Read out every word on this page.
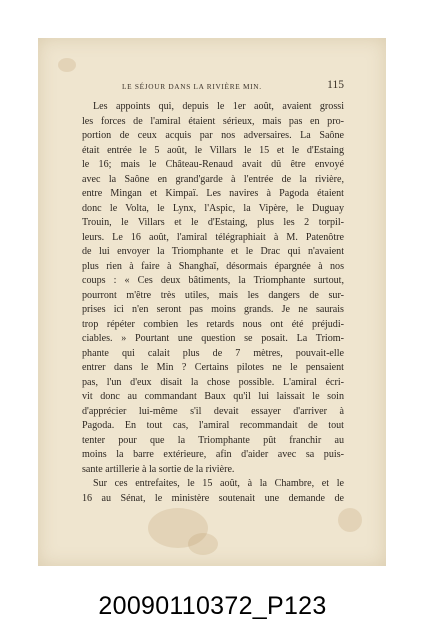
LE SÉJOUR DANS LA RIVIÈRE MIN.	115
Les appoints qui, depuis le 1er août, avaient grossi
les forces de l'amiral étaient sérieux, mais pas en pro-
portion de ceux acquis par nos adversaires. La Saône
était entrée le 5 août, le Villars le 15 et le d'Estaing
le 16; mais le Château-Renaud avait dû être envoyé
avec la Saône en grand'garde à l'entrée de la rivière,
entre Mingan et Kimpaï. Les navires à Pagoda étaient
donc le Volta, le Lynx, l'Aspic, la Vipère, le Duguay
Trouin, le Villars et le d'Estaing, plus les 2 torpil-
leurs. Le 16 août, l'amiral télégraphiait à M. Patenôtre
de lui envoyer la Triomphante et le Drac qui n'avaient
plus rien à faire à Shanghaï, désormais épargnée à nos
coups : « Ces deux bâtiments, la Triomphante surtout,
pourront m'être très utiles, mais les dangers de sur-
prises ici n'en seront pas moins grands. Je ne saurais
trop répéter combien les retards nous ont été préjudi-
ciables. » Pourtant une question se posait. La Triom-
phante qui calait plus de 7 mètres, pouvait-elle
entrer dans le Min ? Certains pilotes ne le pensaient
pas, l'un d'eux disait la chose possible. L'amiral écri-
vit donc au commandant Baux qu'il lui laissait le soin
d'apprécier lui-même s'il devait essayer d'arriver à
Pagoda. En tout cas, l'amiral recommandait de tout
tenter pour que la Triomphante pût franchir au
moins la barre extérieure, afin d'aider avec sa puis-
sante artillerie à la sortie de la rivière.
Sur ces entrefaites, le 15 août, à la Chambre, et le
16 au Sénat, le ministère soutenait une demande de
20090110372_P123
